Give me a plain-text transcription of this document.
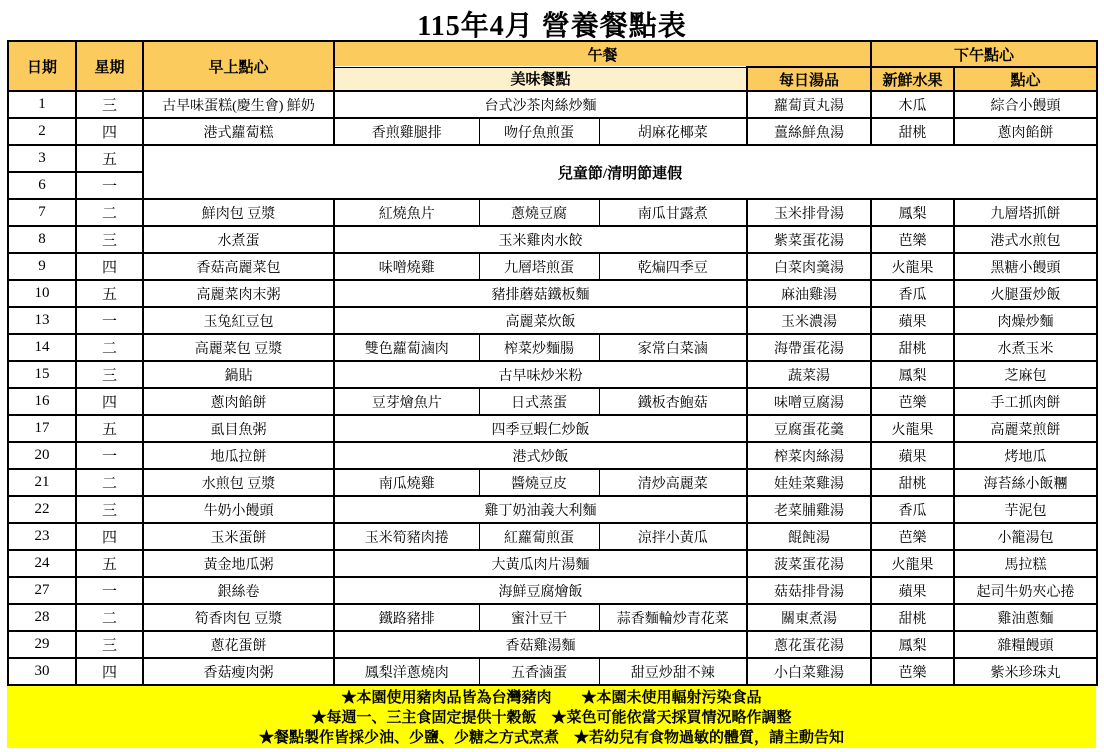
115年4月 營養餐點表
日期	星期	早上點心	午餐				下午點心	
			美味餐點			每日湯品	新鮮水果	點心
1	三	古早味蛋糕(慶生會) 鮮奶	台式沙茶肉絲炒麵			蘿蔔貢丸湯	木瓜	綜合小饅頭
2	四	港式蘿蔔糕	香煎雞腿排	吻仔魚煎蛋	胡麻花椰菜	薑絲鮮魚湯	甜桃	蔥肉餡餅
3	五	兒童節/清明節連假						
6	一							
7	二	鮮肉包 豆漿	紅燒魚片	蔥燒豆腐	南瓜甘露煮	玉米排骨湯	鳳梨	九層塔抓餅
8	三	水煮蛋	玉米雞肉水餃			紫菜蛋花湯	芭樂	港式水煎包
9	四	香菇高麗菜包	味噌燒雞	九層塔煎蛋	乾煸四季豆	白菜肉羹湯	火龍果	黑糖小饅頭
10	五	高麗菜肉末粥	豬排蘑菇鐵板麵			麻油雞湯	香瓜	火腿蛋炒飯
13	一	玉兔紅豆包	高麗菜炊飯			玉米濃湯	蘋果	肉燥炒麵
14	二	高麗菜包 豆漿	雙色蘿蔔滷肉	榨菜炒麵腸	家常白菜滷	海帶蛋花湯	甜桃	水煮玉米
15	三	鍋貼	古早味炒米粉			蔬菜湯	鳳梨	芝麻包
16	四	蔥肉餡餅	豆芽燴魚片	日式蒸蛋	鐵板杏鮑菇	味噌豆腐湯	芭樂	手工抓肉餅
17	五	虱目魚粥	四季豆蝦仁炒飯			豆腐蛋花羹	火龍果	高麗菜煎餅
20	一	地瓜拉餅	港式炒飯			榨菜肉絲湯	蘋果	烤地瓜
21	二	水煎包 豆漿	南瓜燒雞	醬燒豆皮	清炒高麗菜	娃娃菜雞湯	甜桃	海苔絲小飯糰
22	三	牛奶小饅頭	雞丁奶油義大利麵			老菜脯雞湯	香瓜	芋泥包
23	四	玉米蛋餅	玉米筍豬肉捲	紅蘿蔔煎蛋	涼拌小黃瓜	餛飩湯	芭樂	小籠湯包
24	五	黃金地瓜粥	大黃瓜肉片湯麵			菠菜蛋花湯	火龍果	馬拉糕
27	一	銀絲卷	海鮮豆腐燴飯			菇菇排骨湯	蘋果	起司牛奶夾心捲
28	二	筍香肉包 豆漿	鐵路豬排	蜜汁豆干	蒜香麵輪炒青花菜	關東煮湯	甜桃	雞油蔥麵
29	三	蔥花蛋餅	香菇雞湯麵			蔥花蛋花湯	鳳梨	雜糧饅頭
30	四	香菇瘦肉粥	鳳梨洋蔥燒肉	五香滷蛋	甜豆炒甜不辣	小白菜雞湯	芭樂	紫米珍珠丸
★本園使用豬肉品皆為台灣豬肉　　★本園未使用輻射污染食品
★每週一、三主食固定提供十穀飯　★菜色可能依當天採買情況略作調整
★餐點製作皆採少油、少鹽、少糖之方式烹煮　★若幼兒有食物過敏的體質，請主動告知
